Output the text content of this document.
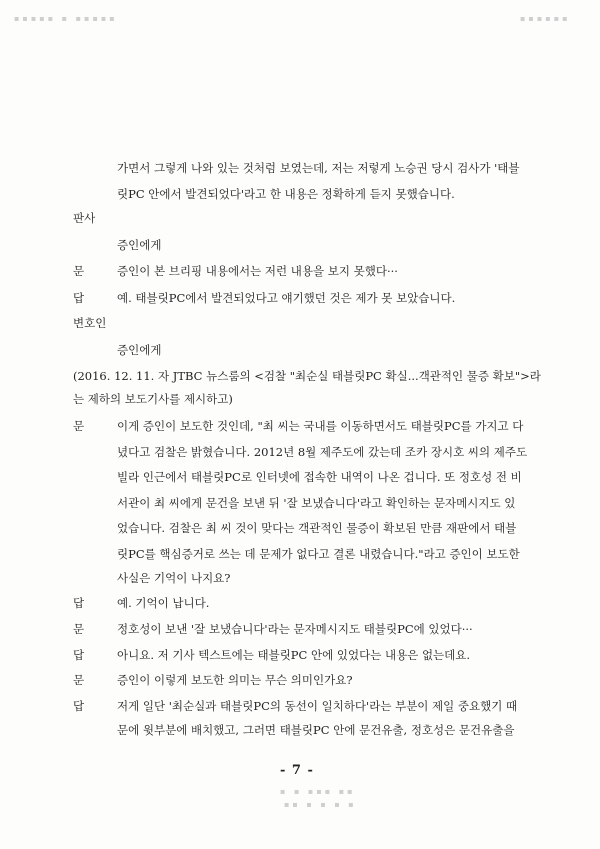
▪▪▪▪▪ ▪ ▪▪▪▪▪	▪▪▪▪▪▪
가면서 그렇게 나와 있는 것처럼 보였는데, 저는 저렇게 노승권 당시 검사가 '태블
릿PC 안에서 발견되었다'라고 한 내용은 정확하게 듣지 못했습니다.
판사
증인에게
문	증인이 본 브리핑 내용에서는 저런 내용을 보지 못했다···
답	예. 태블릿PC에서 발견되었다고 얘기했던 것은 제가 못 보았습니다.
변호인
증인에게
(2016. 12. 11. 자 JTBC 뉴스룸의 <검찰 "최순실 태블릿PC 확실...객관적인 물증 확보">라
는 제하의 보도기사를 제시하고)
문	이게 증인이 보도한 것인데, "최 씨는 국내를 이동하면서도 태블릿PC를 가지고 다
녔다고 검찰은 밝혔습니다. 2012년 8월 제주도에 갔는데 조카 장시호 씨의 제주도
빌라 인근에서 태블릿PC로 인터넷에 접속한 내역이 나온 겁니다. 또 정호성 전 비
서관이 최 씨에게 문건을 보낸 뒤 '잘 보냈습니다'라고 확인하는 문자메시지도 있
었습니다. 검찰은 최 씨 것이 맞다는 객관적인 물증이 확보된 만큼 재판에서 태블
릿PC를 핵심증거로 쓰는 데 문제가 없다고 결론 내렸습니다."라고 증인이 보도한
사실은 기억이 나지요?
답	예. 기억이 납니다.
문	정호성이 보낸 '잘 보냈습니다'라는 문자메시지도 태블릿PC에 있었다···
답	아니요. 저 기사 텍스트에는 태블릿PC 안에 있었다는 내용은 없는데요.
문	증인이 이렇게 보도한 의미는 무슨 의미인가요?
답	저게 일단 '최순실과 태블릿PC의 동선이 일치하다'라는 부분이 제일 중요했기 때
문에 윗부분에 배치했고, 그러면 태블릿PC 안에 문건유출, 정호성은 문건유출을
- 7 -
▪ ▪ ▪▪▪ ▪▪
▪▪ ▪ ▪ ▪ ▪
